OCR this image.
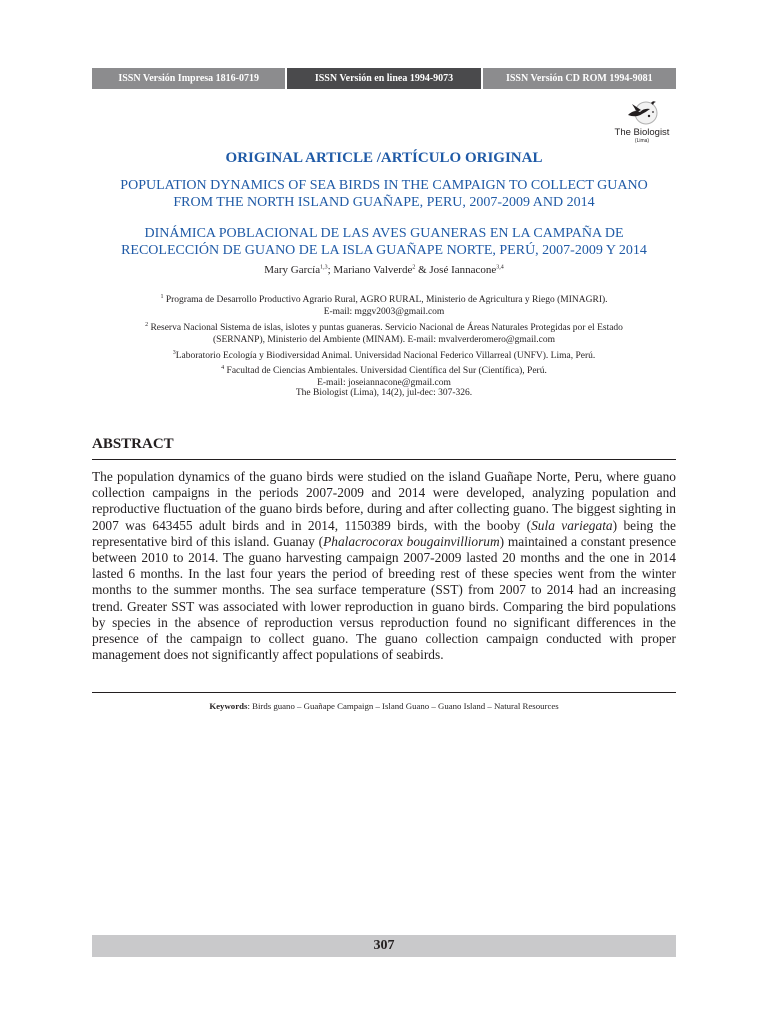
ISSN Versión Impresa 1816-0719	ISSN Versión en linea 1994-9073	ISSN Versión CD ROM 1994-9081
The Biologist
(Lima)
ORIGINAL ARTICLE /ARTÍCULO ORIGINAL
POPULATION DYNAMICS OF SEA BIRDS IN THE CAMPAIGN TO COLLECT GUANO
FROM THE NORTH ISLAND GUAÑAPE, PERU, 2007-2009 AND 2014
DINÁMICA POBLACIONAL DE LAS AVES GUANERAS EN LA CAMPAÑA DE
RECOLECCIÓN DE GUANO DE LA ISLA GUAÑAPE NORTE, PERÚ, 2007-2009 Y 2014
Mary García$^{1,3}$; Mariano Valverde$^2$ & José Iannacone$^{3,4}$

$^1$ Programa de Desarrollo Productivo Agrario Rural, AGRO RURAL, Ministerio de Agricultura y Riego (MINAGRI).

E-mail: mggv2003@gmail.com

$^2$ Reserva Nacional Sistema de islas, islotes y puntas guaneras. Servicio Nacional de Áreas Naturales Protegidas por el Estado

(SERNANP), Ministerio del Ambiente (MINAM). E-mail: mvalverderomero@gmail.com

$^3$Laboratorio Ecología y Biodiversidad Animal. Universidad Nacional Federico Villarreal (UNFV). Lima, Perú.

$^4$ Facultad de Ciencias Ambientales. Universidad Científica del Sur (Científica), Perú.

E-mail: joseiannacone@gmail.com

The Biologist (Lima), 14(2), jul-dec: 307-326.
ABSTRACT

The population dynamics of the guano birds were studied on the island Guañape Norte, Peru, where guano collection campaigns in the periods 2007-2009 and 2014 were developed, analyzing population and reproductive fluctuation of the guano birds before, during and after collecting guano. The biggest sighting in 2007 was 643455 adult birds and in 2014, 1150389 birds, with the booby (Sula variegata) being the representative bird of this island. Guanay (Phalacrocorax bougainvilliorum) maintained a constant presence between 2010 to 2014. The guano harvesting campaign 2007-2009 lasted 20 months and the one in 2014 lasted 6 months. In the last four years the period of breeding rest of these species went from the winter months to the summer months. The sea surface temperature (SST) from 2007 to 2014 had an increasing trend. Greater SST was associated with lower reproduction in guano birds. Comparing the bird populations by species in the absence of reproduction versus reproduction found no significant differences in the presence of the campaign to collect guano. The guano collection campaign conducted with proper management does not significantly affect populations of seabirds.

Keywords: Birds guano – Guañape Campaign – Island Guano – Guano Island – Natural Resources
307
